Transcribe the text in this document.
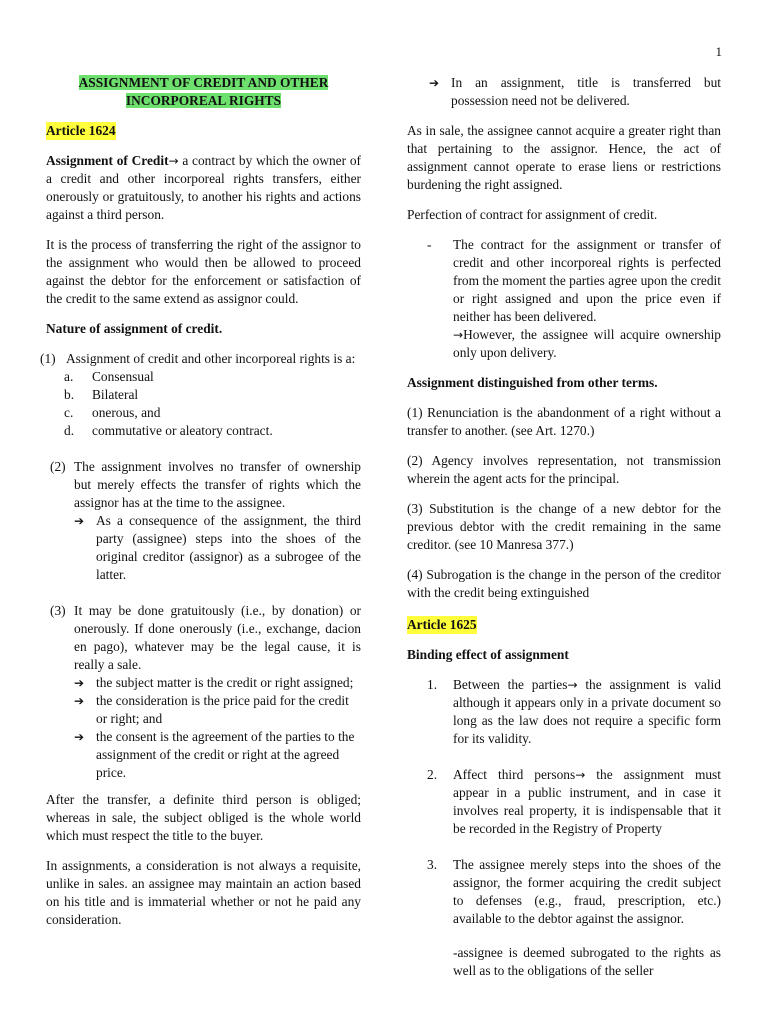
1
ASSIGNMENT OF CREDIT AND OTHER
INCORPOREAL RIGHTS
Article 1624

Assignment of Credit→ a contract by which the owner of a credit and other incorporeal rights transfers, either onerously or gratuitously, to another his rights and actions against a third person.

It is the process of transferring the right of the assignor to the assignment who would then be allowed to proceed against the debtor for the enforcement or satisfaction of the credit to the same extend as assignor could.

Nature of assignment of credit.

(1) Assignment of credit and other incorporeal rights is a:
a.	Consensual
b.	Bilateral
c.	onerous, and
d.	commutative or aleatory contract.
(2) The assignment involves no transfer of ownership but merely effects the transfer of rights which the assignor has at the time to the assignee.
➔ As a consequence of the assignment, the third party (assignee) steps into the shoes of the original creditor (assignor) as a subrogee of the latter.
(3) It may be done gratuitously (i.e., by donation) or onerously. If done onerously (i.e., exchange, dacion en pago), whatever may be the legal cause, it is really a sale.
➔ the subject matter is the credit or right assigned;
➔ the consideration is the price paid for the credit or right; and
➔ the consent is the agreement of the parties to the assignment of the credit or right at the agreed price.

After the transfer, a definite third person is obliged; whereas in sale, the subject obliged is the whole world which must respect the title to the buyer.

In assignments, a consideration is not always a requisite, unlike in sales. an assignee may maintain an action based on his title and is immaterial whether or not he paid any consideration.

➔ In an assignment, title is transferred but possession need not be delivered.

As in sale, the assignee cannot acquire a greater right than that pertaining to the assignor. Hence, the act of assignment cannot operate to erase liens or restrictions burdening the right assigned.

Perfection of contract for assignment of credit.

-	The contract for the assignment or transfer of credit and other incorporeal rights is perfected from the moment the parties agree upon the credit or right assigned and upon the price even if neither has been delivered.
→However, the assignee will acquire ownership only upon delivery.

Assignment distinguished from other terms.

(1) Renunciation is the abandonment of a right without a transfer to another. (see Art. 1270.)

(2) Agency involves representation, not transmission wherein the agent acts for the principal.

(3) Substitution is the change of a new debtor for the previous debtor with the credit remaining in the same creditor. (see 10 Manresa 377.)

(4) Subrogation is the change in the person of the creditor with the credit being extinguished

Article 1625

Binding effect of assignment

1.	Between the parties→ the assignment is valid although it appears only in a private document so long as the law does not require a specific form for its validity.
2.	Affect third persons→ the assignment must appear in a public instrument, and in case it involves real property, it is indispensable that it be recorded in the Registry of Property
3.	The assignee merely steps into the shoes of the assignor, the former acquiring the credit subject to defenses (e.g., fraud, prescription, etc.) available to the debtor against the assignor.

-assignee is deemed subrogated to the rights as well as to the obligations of the seller
